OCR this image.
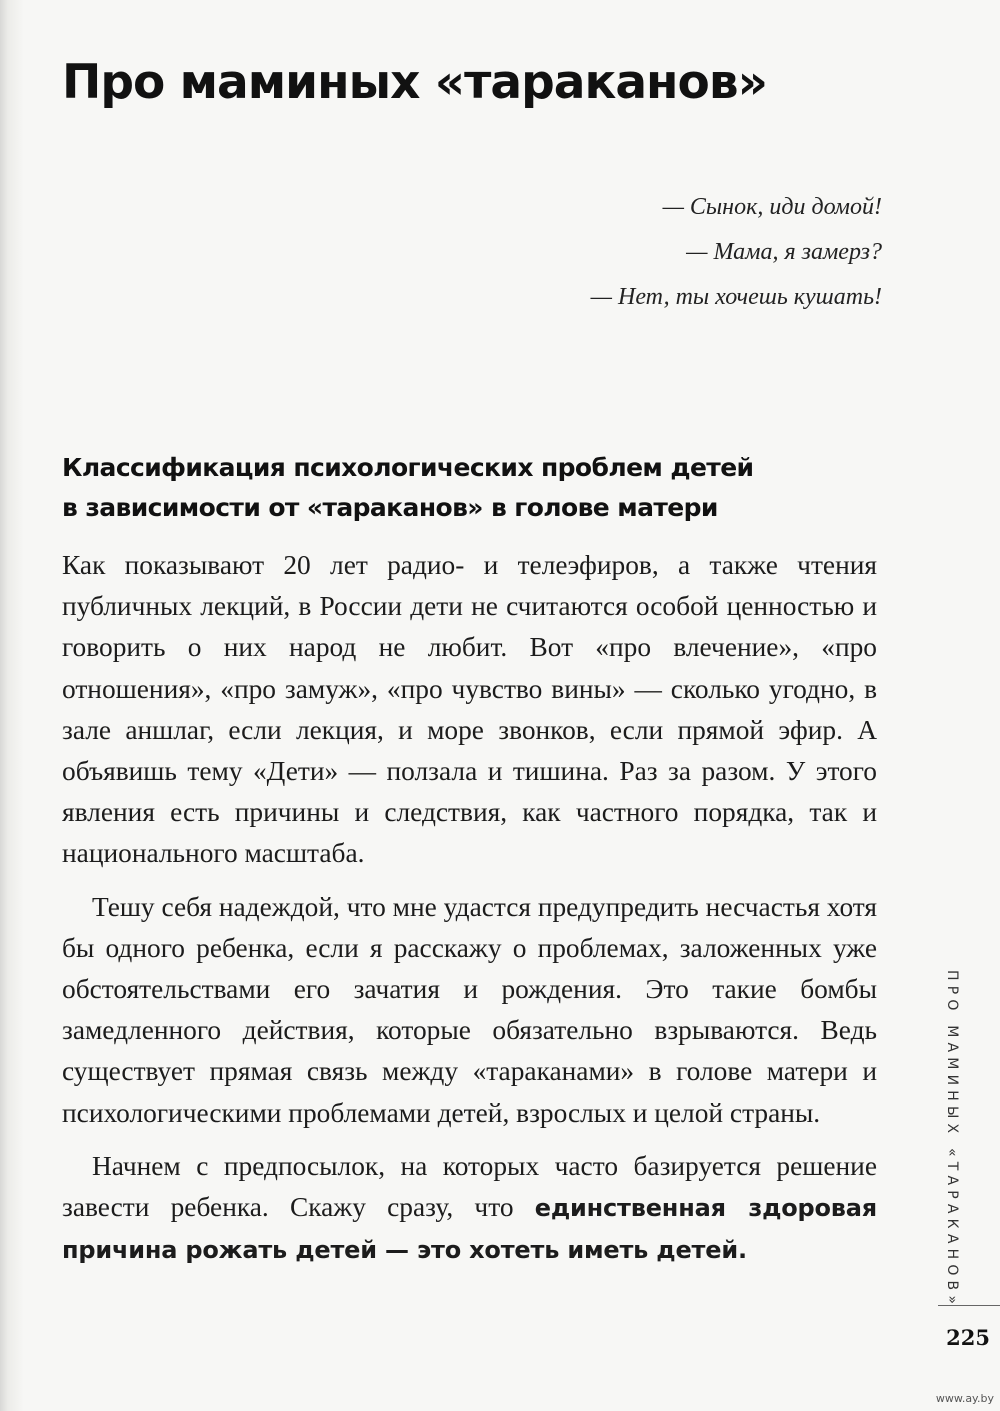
Про маминых «тараканов»
— Сынок, иди домой!
— Мама, я замерз?
— Нет, ты хочешь кушать!
Классификация психологических проблем детей
в зависимости от «тараканов» в голове матери

Как показывают 20 лет радио- и телеэфиров, а также чтения публичных лекций, в России дети не считаются особой ценностью и говорить о них народ не любит. Вот «про влечение», «про отношения», «про замуж», «про чувство вины» — сколько угодно, в зале аншлаг, если лекция, и море звонков, если прямой эфир. А объявишь тему «Дети» — ползала и тишина. Раз за разом. У этого явления есть причины и следствия, как частного порядка, так и национального масштаба.

Тешу себя надеждой, что мне удастся предупредить несчастья хотя бы одного ребенка, если я расскажу о проблемах, заложенных уже обстоятельствами его зачатия и рождения. Это такие бомбы замедленного действия, которые обязательно взрываются. Ведь существует прямая связь между «тараканами» в голове матери и психологическими проблемами детей, взрослых и целой страны.

Начнем с предпосылок, на которых часто базируется решение завести ребенка. Скажу сразу, что единственная здоровая причина рожать детей — это хотеть иметь детей.	ПРО МАМИНЫХ «ТАРАКАНОВ»
225
www.ay.by
